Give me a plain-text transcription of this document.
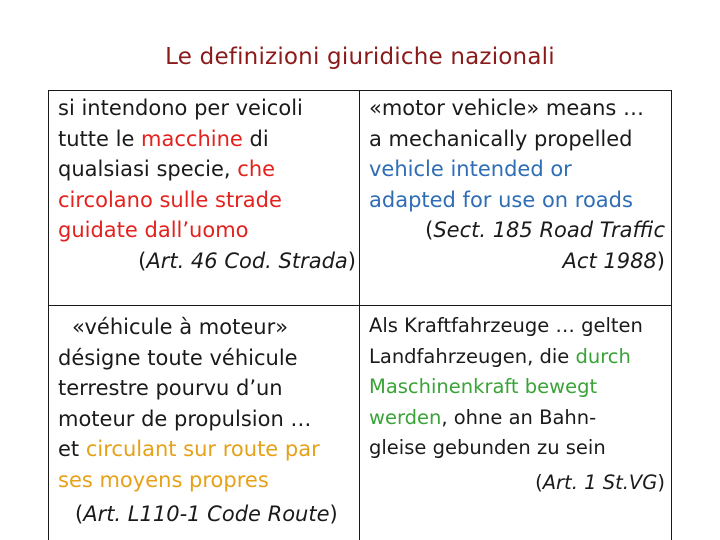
Le definizioni giuridiche nazionali

si intendono per veicoli

tutte le macchine di

qualsiasi specie, che

circolano sulle strade

guidate dall’uomo

(Art. 46 Cod. Strada)

«motor vehicle» means …

a mechanically propelled

vehicle intended or

adapted for use on roads

(Sect. 185 Road Traffic

Act 1988)

«véhicule à moteur»

désigne toute véhicule

terrestre pourvu d’un

moteur de propulsion …

et circulant sur route par

ses moyens propres

(Art. L110-1 Code Route)

Als Kraftfahrzeuge … gelten

Landfahrzeugen, die durch

Maschinenkraft bewegt

werden, ohne an Bahn-

gleise gebunden zu sein

(Art. 1 St.VG)
